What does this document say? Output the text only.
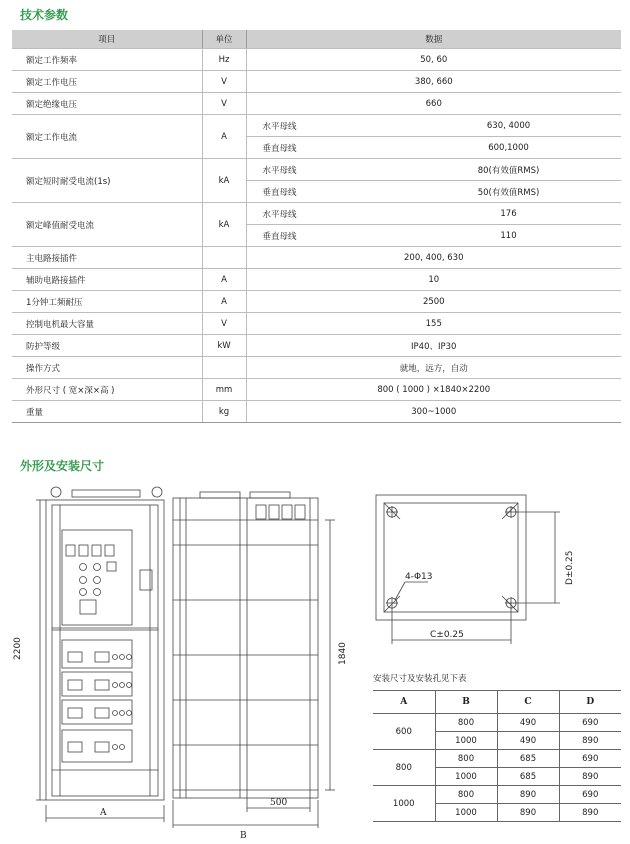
技术参数
项目	单位	数据	
额定工作频率	Hz	50, 60	
额定工作电压	V	380, 660	
额定绝缘电压	V	660	
额定工作电流	A	水平母线	630, 4000
		垂直母线	600,1000
额定短时耐受电流(1s)	kA	水平母线	80(有效值RMS)
		垂直母线	50(有效值RMS)
额定峰值耐受电流	kA	水平母线	176
		垂直母线	110
主电路接插件		200, 400, 630	
辅助电路接插件	A	10	
1分钟工频耐压	A	2500	
控制电机最大容量	V	155	
防护等级	kW	IP40、IP30	
操作方式		就地，远方，自动	
外形尺寸 ( 宽×深×高 )	mm	800 ( 1000 ) ×1840×2200	
重量	kg	300~1000	
外形及安装尺寸
2200
A
1840
500
B
4-Φ13
C±0.25
D±0.25
安装尺寸及安装孔见下表
A	B	C	D
600	800	490	690
	1000	490	890
800	800	685	690
	1000	685	890
1000	800	890	690
	1000	890	890
